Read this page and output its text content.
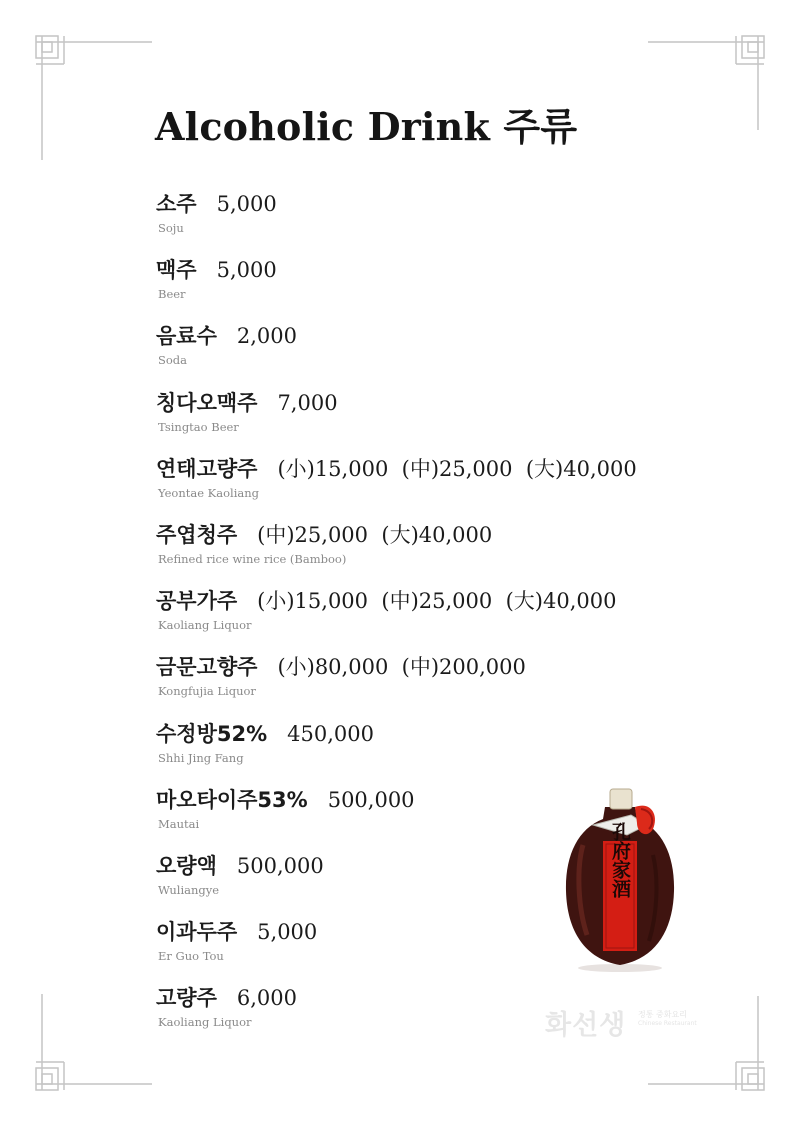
Alcoholic Drink 주류
소주 5,000
Soju
맥주 5,000
Beer
음료수 2,000
Soda
칭다오맥주 7,000
Tsingtao Beer
연태고량주 (小)15,000  (中)25,000  (大)40,000
Yeontae Kaoliang
주엽청주 (中)25,000  (大)40,000
Refined rice wine rice (Bamboo)
공부가주 (小)15,000  (中)25,000  (大)40,000
Kaoliang Liquor
금문고향주 (小)80,000  (中)200,000
Kongfujia Liquor
수정방52% 450,000
Shhi Jing Fang
마오타이주53% 500,000
Mautai
오량액 500,000
Wuliangye
이과두주 5,000
Er Guo Tou
고량주 6,000
Kaoliang Liquor
孔府家酒
화선생 정통 중화요리
Chinese Restaurant
